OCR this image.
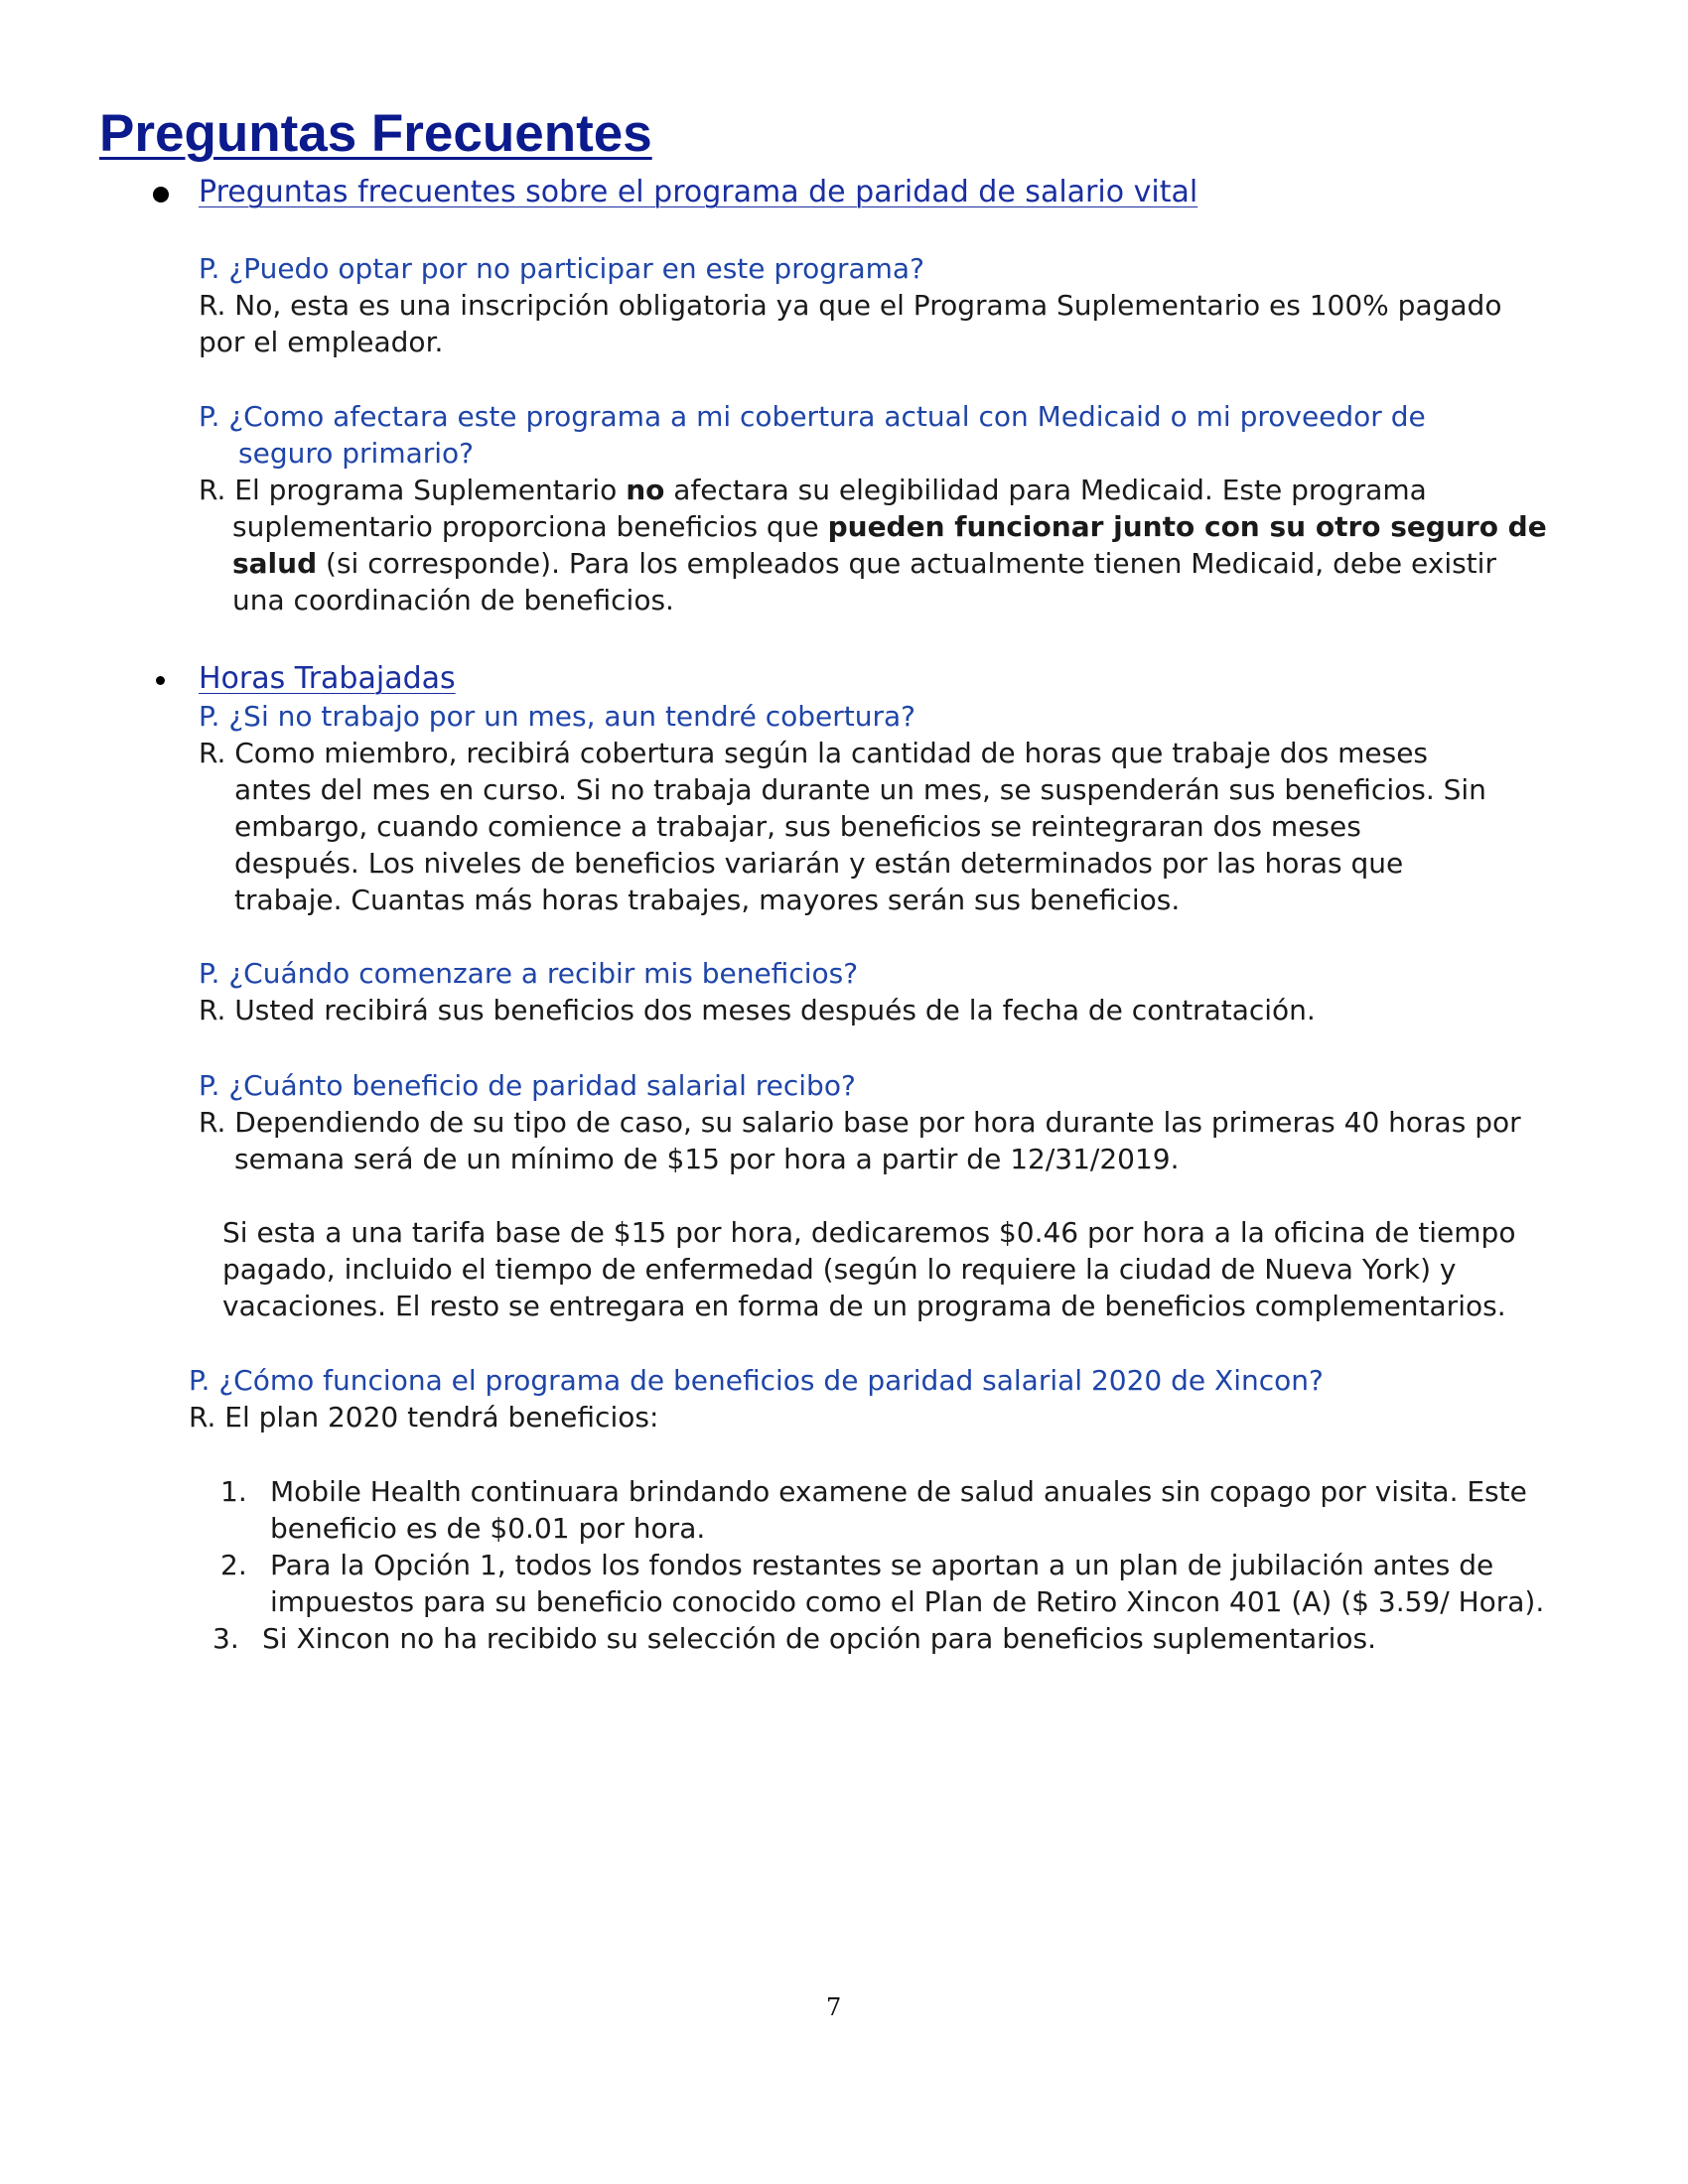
Preguntas Frecuentes
Preguntas frecuentes sobre el programa de paridad de salario vital
P. ¿Puedo optar por no participar en este programa?
R. No, esta es una inscripción obligatoria ya que el Programa Suplementario es 100% pagado
por el empleador.
P. ¿Como afectara este programa a mi cobertura actual con Medicaid o mi proveedor de
seguro primario?
R. El programa Suplementario no afectara su elegibilidad para Medicaid. Este programa
suplementario proporciona beneficios que pueden funcionar junto con su otro seguro de
salud (si corresponde). Para los empleados que actualmente tienen Medicaid, debe existir
una coordinación de beneficios.
Horas Trabajadas
P. ¿Si no trabajo por un mes, aun tendré cobertura?
R. Como miembro, recibirá cobertura según la cantidad de horas que trabaje dos meses
antes del mes en curso. Si no trabaja durante un mes, se suspenderán sus beneficios. Sin
embargo, cuando comience a trabajar, sus beneficios se reintegraran dos meses
después. Los niveles de beneficios variarán y están determinados por las horas que
trabaje. Cuantas más horas trabajes, mayores serán sus beneficios.
P. ¿Cuándo comenzare a recibir mis beneficios?
R. Usted recibirá sus beneficios dos meses después de la fecha de contratación.
P. ¿Cuánto beneficio de paridad salarial recibo?
R. Dependiendo de su tipo de caso, su salario base por hora durante las primeras 40 horas por
semana será de un mínimo de $15 por hora a partir de 12/31/2019.
Si esta a una tarifa base de $15 por hora, dedicaremos $0.46 por hora a la oficina de tiempo
pagado, incluido el tiempo de enfermedad (según lo requiere la ciudad de Nueva York) y
vacaciones. El resto se entregara en forma de un programa de beneficios complementarios.
P. ¿Cómo funciona el programa de beneficios de paridad salarial 2020 de Xincon?
R. El plan 2020 tendrá beneficios:
1. Mobile Health continuara brindando examene de salud anuales sin copago por visita. Este
beneficio es de $0.01 por hora.
2. Para la Opción 1, todos los fondos restantes se aportan a un plan de jubilación antes de
impuestos para su beneficio conocido como el Plan de Retiro Xincon 401 (A) ($ 3.59/ Hora).
3. Si Xincon no ha recibido su selección de opción para beneficios suplementarios.
7
